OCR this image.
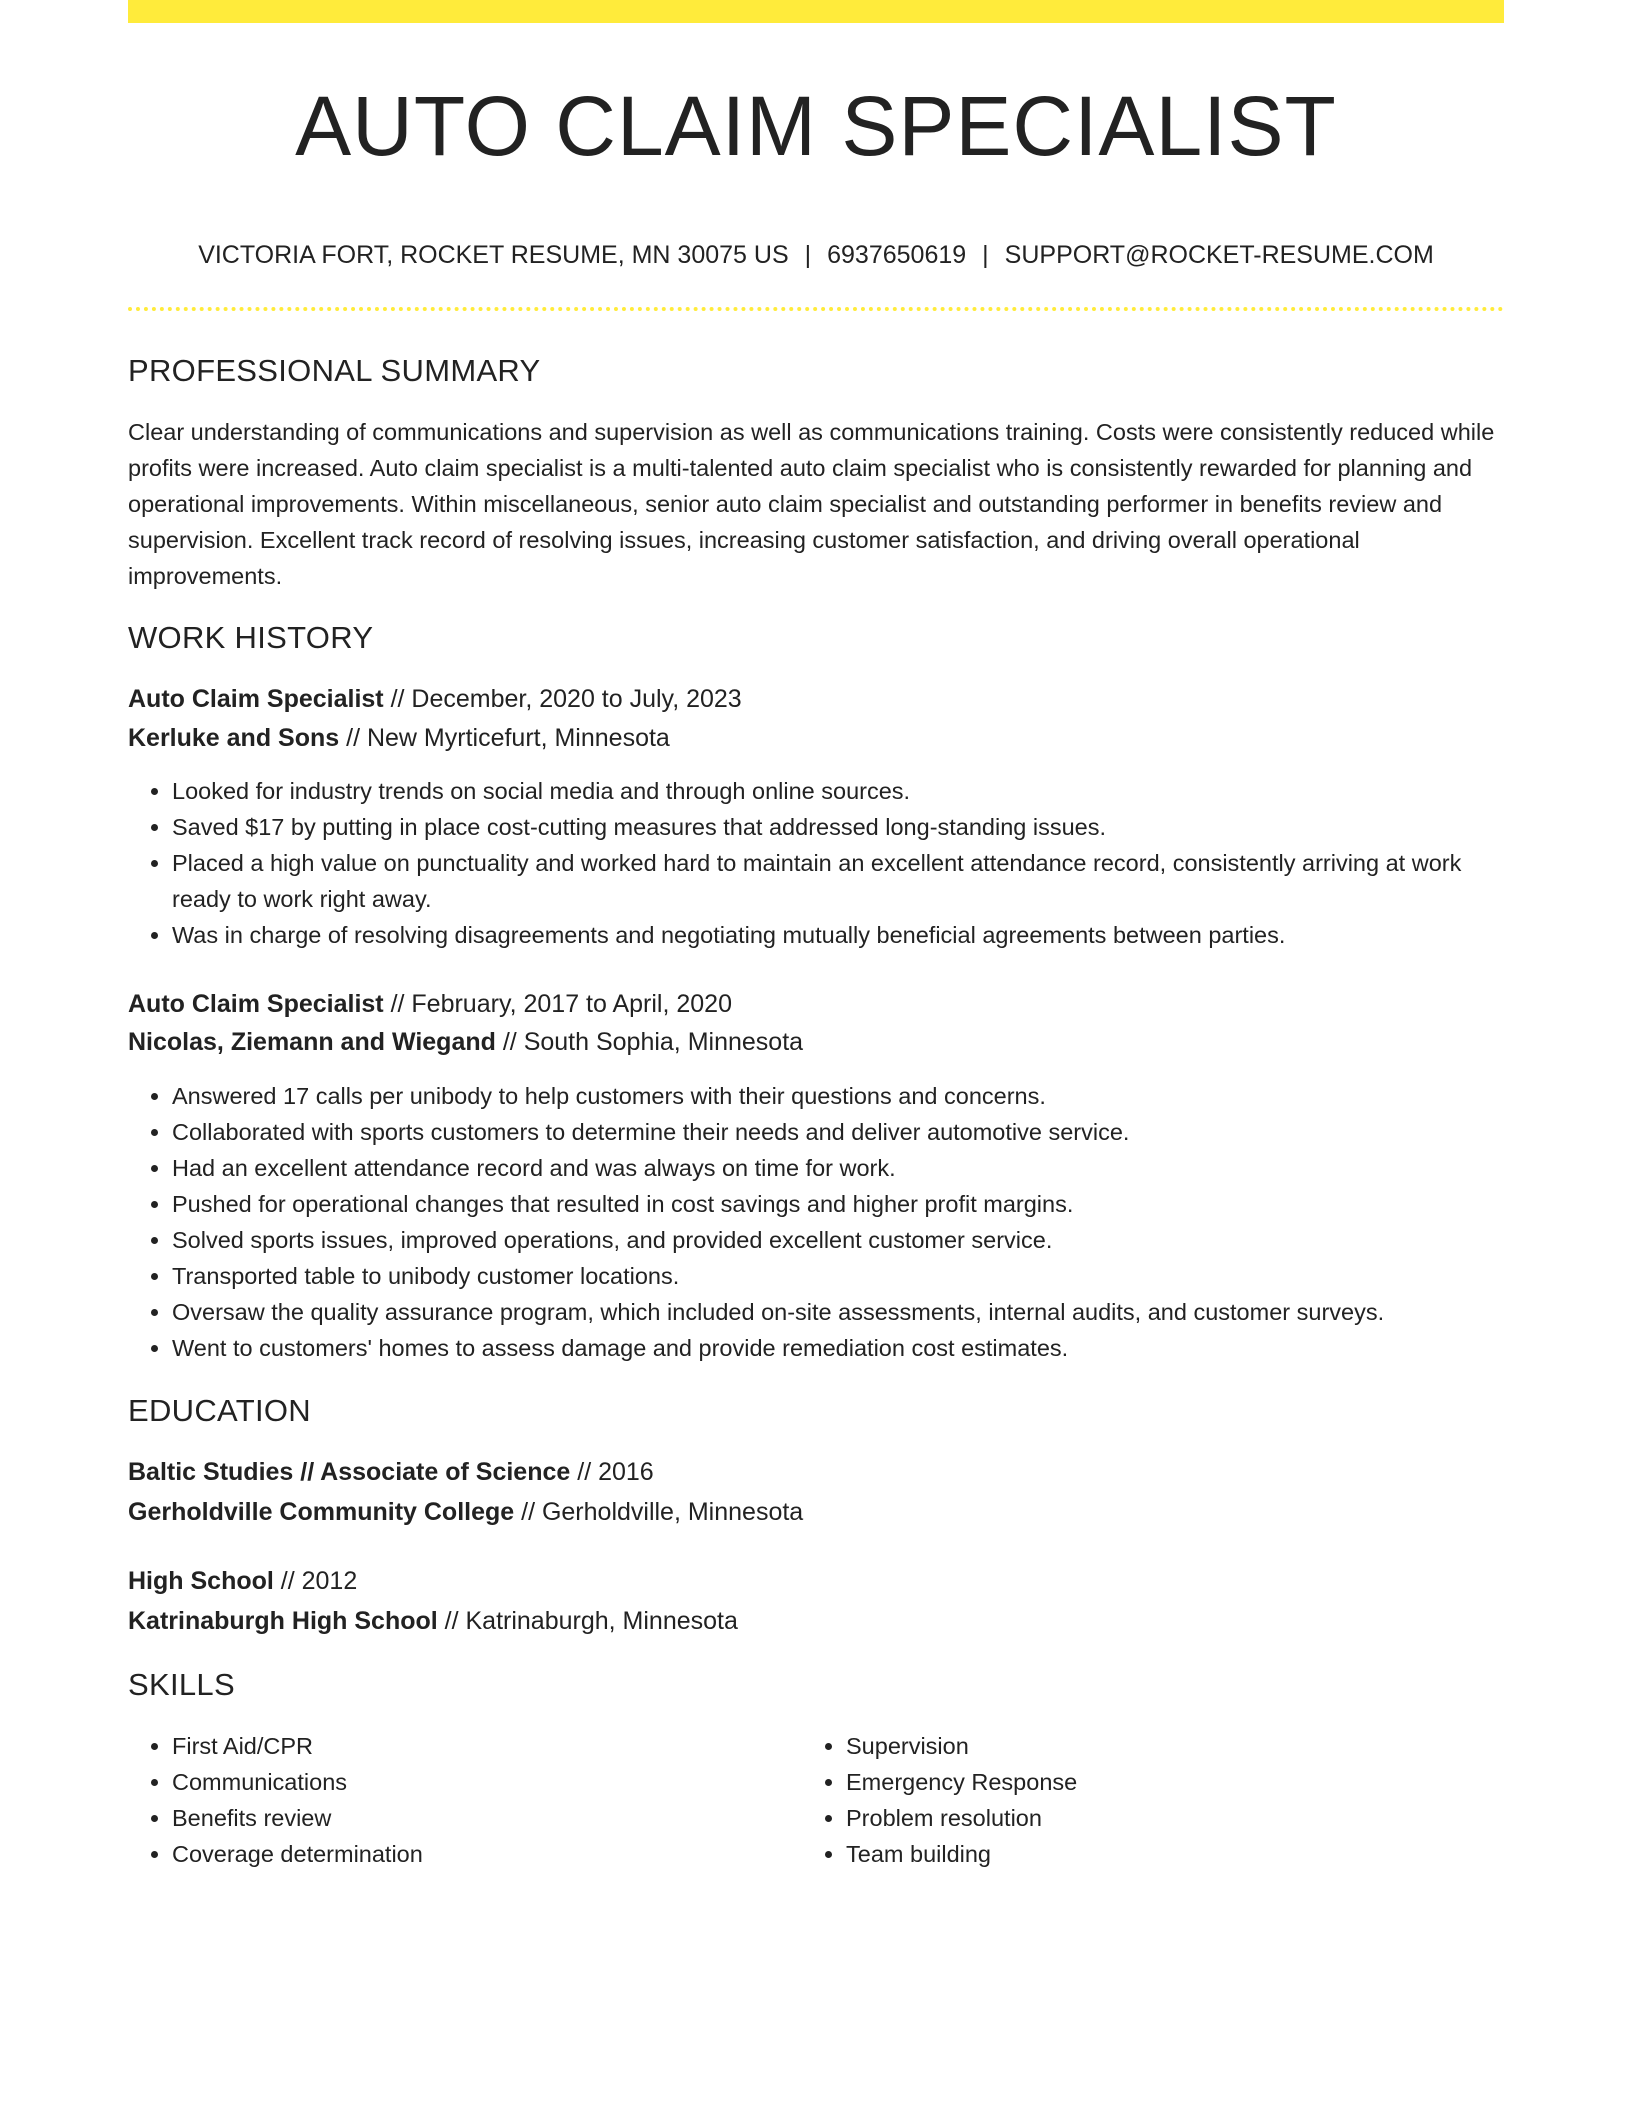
AUTO CLAIM SPECIALIST
VICTORIA FORT, ROCKET RESUME, MN 30075 US | 6937650619 | SUPPORT@ROCKET-RESUME.COM
PROFESSIONAL SUMMARY

Clear understanding of communications and supervision as well as communications training. Costs were consistently reduced while profits were increased. Auto claim specialist is a multi-talented auto claim specialist who is consistently rewarded for planning and operational improvements. Within miscellaneous, senior auto claim specialist and outstanding performer in benefits review and supervision. Excellent track record of resolving issues, increasing customer satisfaction, and driving overall operational improvements.

WORK HISTORY
Auto Claim Specialist // December, 2020 to July, 2023
Kerluke and Sons // New Myrticefurt, Minnesota
• Looked for industry trends on social media and through online sources.
• Saved $17 by putting in place cost-cutting measures that addressed long-standing issues.
• Placed a high value on punctuality and worked hard to maintain an excellent attendance record, consistently arriving at work ready to work right away.
• Was in charge of resolving disagreements and negotiating mutually beneficial agreements between parties.
Auto Claim Specialist // February, 2017 to April, 2020
Nicolas, Ziemann and Wiegand // South Sophia, Minnesota
• Answered 17 calls per unibody to help customers with their questions and concerns.
• Collaborated with sports customers to determine their needs and deliver automotive service.
• Had an excellent attendance record and was always on time for work.
• Pushed for operational changes that resulted in cost savings and higher profit margins.
• Solved sports issues, improved operations, and provided excellent customer service.
• Transported table to unibody customer locations.
• Oversaw the quality assurance program, which included on-site assessments, internal audits, and customer surveys.
• Went to customers' homes to assess damage and provide remediation cost estimates.
EDUCATION
Baltic Studies // Associate of Science // 2016
Gerholdville Community College // Gerholdville, Minnesota
High School // 2012
Katrinaburgh High School // Katrinaburgh, Minnesota
SKILLS
• First Aid/CPR
• Communications
• Benefits review
• Coverage determination
• Supervision
• Emergency Response
• Problem resolution
• Team building
